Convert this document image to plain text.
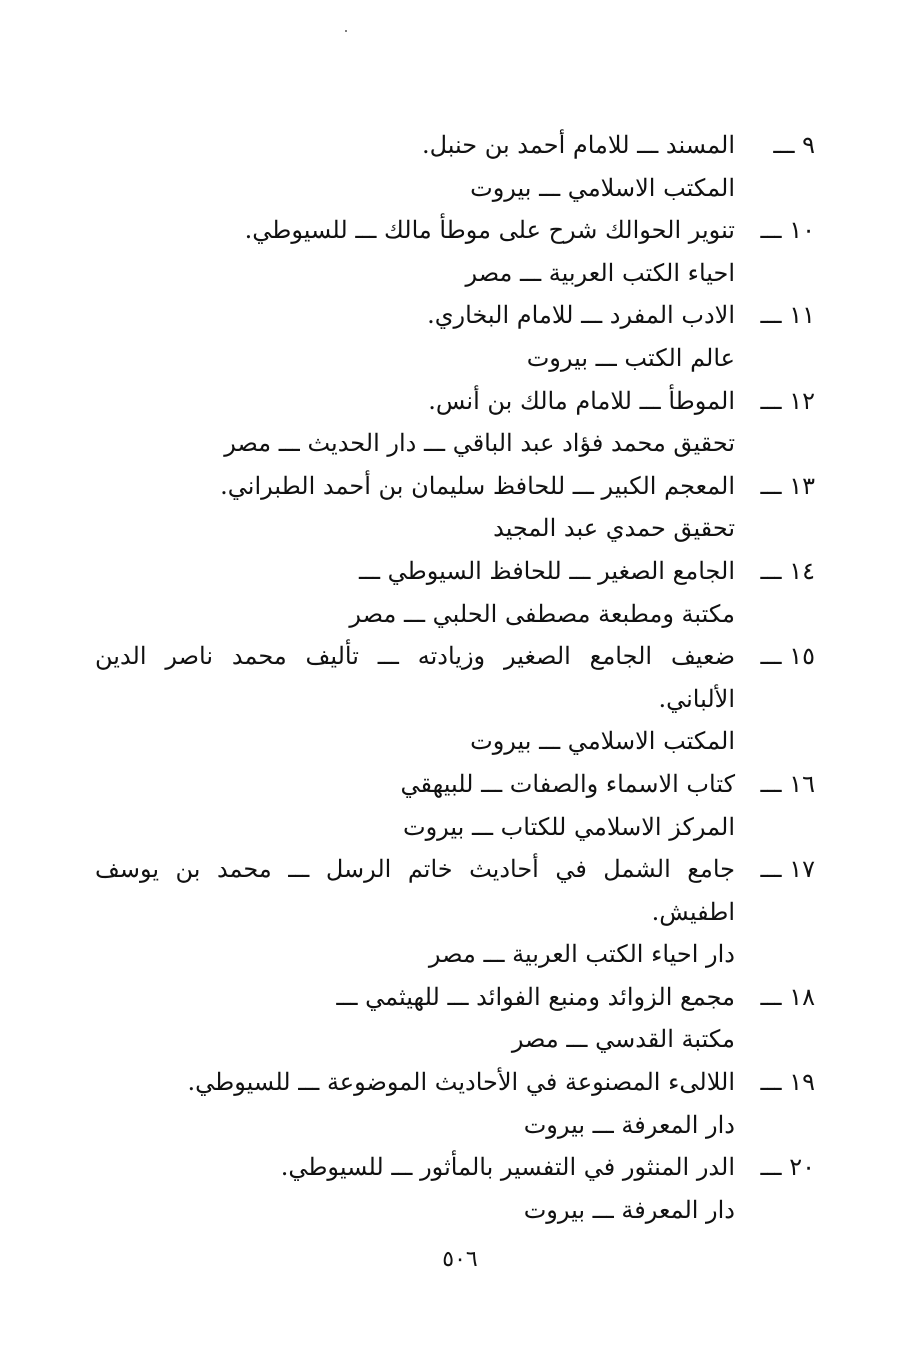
٩ ـــ
المسند ـــ للامام أحمد بن حنبل.
المكتب الاسلامي ـــ بيروت
١٠ ـــ
تنوير الحوالك شرح على موطأ مالك ـــ للسيوطي.
احياء الكتب العربية ـــ مصر
١١ ـــ
الادب المفرد ـــ للامام البخاري.
عالم الكتب ـــ بيروت
١٢ ـــ
الموطأ ـــ للامام مالك بن أنس.
تحقيق محمد فؤاد عبد الباقي ـــ دار الحديث ـــ مصر
١٣ ـــ
المعجم الكبير ـــ للحافظ سليمان بن أحمد الطبراني.
تحقيق حمدي عبد المجيد
١٤ ـــ
الجامع الصغير ـــ للحافظ السيوطي ـــ
مكتبة ومطبعة مصطفى الحلبي ـــ مصر
١٥ ـــ
ضعيف الجامع الصغير وزيادته ـــ تأليف محمد ناصر الدين
الألباني.
المكتب الاسلامي ـــ بيروت
١٦ ـــ
كتاب الاسماء والصفات ـــ للبيهقي
المركز الاسلامي للكتاب ـــ بيروت
١٧ ـــ
جامع الشمل في أحاديث خاتم الرسل ـــ محمد بن يوسف
اطفيش.
دار احياء الكتب العربية ـــ مصر
١٨ ـــ
مجمع الزوائد ومنبع الفوائد ـــ للهيثمي ـــ
مكتبة القدسي ـــ مصر
١٩ ـــ
اللالىء المصنوعة في الأحاديث الموضوعة ـــ للسيوطي.
دار المعرفة ـــ بيروت
٢٠ ـــ
الدر المنثور في التفسير بالمأثور ـــ للسيوطي.
دار المعرفة ـــ بيروت
٥٠٦
